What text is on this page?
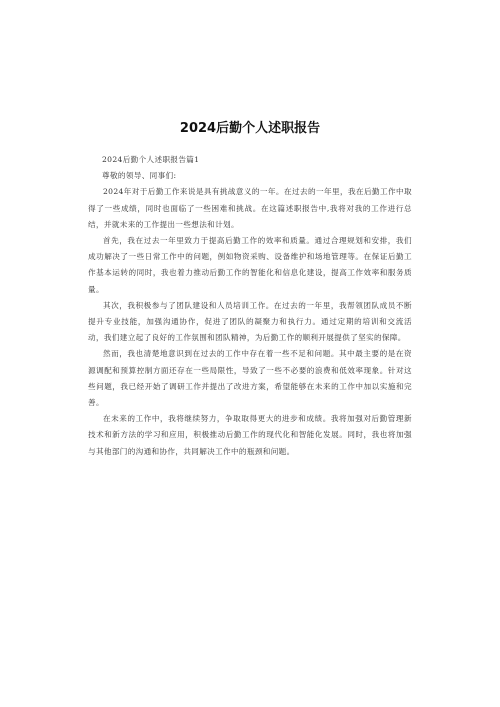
2024后勤个人述职报告

2024后勤个人述职报告篇1

尊敬的领导、同事们:

2024年对于后勤工作来说是具有挑战意义的一年。在过去的一年里，我在后勤工作中取得了一些成绩，同时也面临了一些困难和挑战。在这篇述职报告中,我将对我的工作进行总结，并就未来的工作提出一些想法和计划。

首先，我在过去一年里致力于提高后勤工作的效率和质量。通过合理规划和安排，我们成功解决了一些日常工作中的问题，例如物资采购、设备维护和场地管理等。在保证后勤工作基本运转的同时，我也着力推动后勤工作的智能化和信息化建设，提高工作效率和服务质量。

其次，我积极参与了团队建设和人员培训工作。在过去的一年里，我帮领团队成员不断提升专业技能，加强沟通协作，促进了团队的凝聚力和执行力。通过定期的培训和交流活动，我们建立起了良好的工作氛围和团队精神，为后勤工作的顺利开展提供了坚实的保障。

然而，我也清楚地意识到在过去的工作中存在着一些不足和问题。其中最主要的是在资源调配和预算控制方面还存在一些局限性，导致了一些不必要的浪费和低效率现象。针对这些问题，我已经开始了调研工作并提出了改进方案，希望能够在未来的工作中加以实施和完善。

在未来的工作中，我将继续努力，争取取得更大的进步和成绩。我将加强对后勤管理新技术和新方法的学习和应用，积极推动后勤工作的现代化和智能化发展。同时，我也将加强与其他部门的沟通和协作，共同解决工作中的瓶颈和问题。
